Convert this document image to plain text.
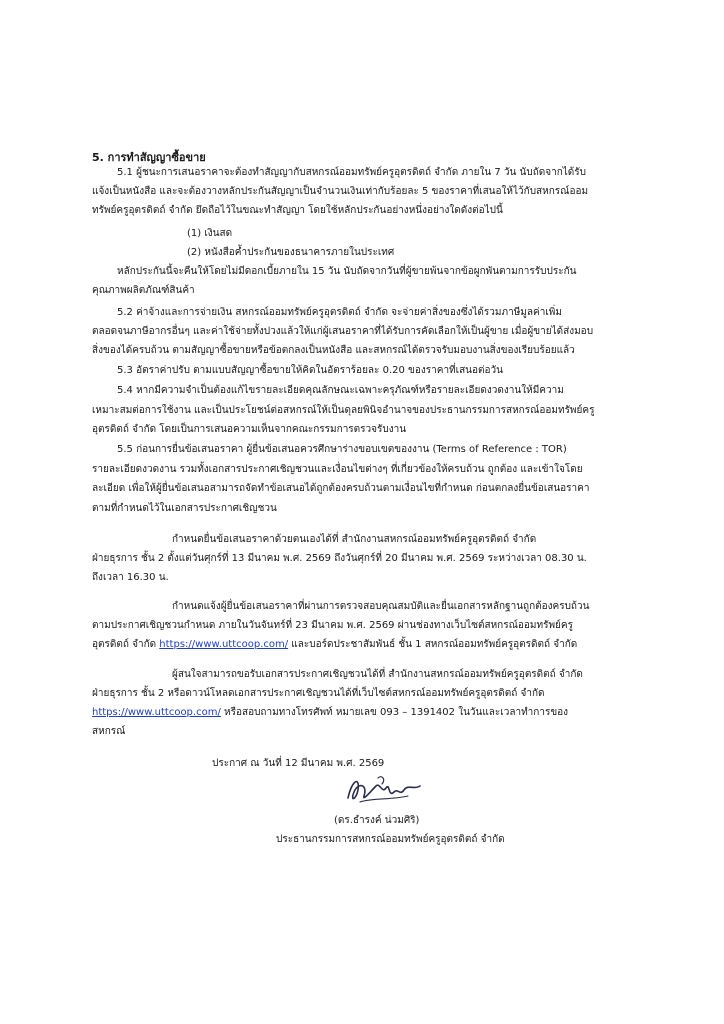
5. การทำสัญญาซื้อขาย
5.1 ผู้ชนะการเสนอราคาจะต้องทำสัญญากับสหกรณ์ออมทรัพย์ครูอุตรดิตถ์ จำกัด ภายใน 7 วัน นับถัดจากได้รับ
แจ้งเป็นหนังสือ และจะต้องวางหลักประกันสัญญาเป็นจำนวนเงินเท่ากับร้อยละ 5 ของราคาที่เสนอให้ไว้กับสหกรณ์ออม
ทรัพย์ครูอุตรดิตถ์ จำกัด ยึดถือไว้ในขณะทำสัญญา โดยใช้หลักประกันอย่างหนึ่งอย่างใดดังต่อไปนี้
(1) เงินสด
(2) หนังสือค้ำประกันของธนาคารภายในประเทศ
หลักประกันนี้จะคืนให้โดยไม่มีดอกเบี้ยภายใน 15 วัน นับถัดจากวันที่ผู้ขายพ้นจากข้อผูกพันตามการรับประกัน
คุณภาพผลิตภัณฑ์สินค้า
5.2 ค่าจ้างและการจ่ายเงิน สหกรณ์ออมทรัพย์ครูอุตรดิตถ์ จำกัด จะจ่ายค่าสิ่งของซึ่งได้รวมภาษีมูลค่าเพิ่ม
ตลอดจนภาษีอากรอื่นๆ และค่าใช้จ่ายทั้งปวงแล้วให้แก่ผู้เสนอราคาที่ได้รับการคัดเลือกให้เป็นผู้ขาย เมื่อผู้ขายได้ส่งมอบ
สิ่งของได้ครบถ้วน ตามสัญญาซื้อขายหรือข้อตกลงเป็นหนังสือ และสหกรณ์ได้ตรวจรับมอบงานสิ่งของเรียบร้อยแล้ว
5.3 อัตราค่าปรับ ตามแบบสัญญาซื้อขายให้คิดในอัตราร้อยละ 0.20 ของราคาที่เสนอต่อวัน
5.4 หากมีความจำเป็นต้องแก้ไขรายละเอียดคุณลักษณะเฉพาะครุภัณฑ์หรือรายละเอียดงวดงานให้มีความ
เหมาะสมต่อการใช้งาน และเป็นประโยชน์ต่อสหกรณ์ให้เป็นดุลยพินิจอำนาจของประธานกรรมการสหกรณ์ออมทรัพย์ครู
อุตรดิตถ์ จำกัด โดยเป็นการเสนอความเห็นจากคณะกรรมการตรวจรับงาน
5.5 ก่อนการยื่นข้อเสนอราคา ผู้ยื่นข้อเสนอควรศึกษาร่างขอบเขตของงาน (Terms of Reference : TOR)
รายละเอียดงวดงาน รวมทั้งเอกสารประกาศเชิญชวนและเงื่อนไขต่างๆ ที่เกี่ยวข้องให้ครบถ้วน ถูกต้อง และเข้าใจโดย
ละเอียด เพื่อให้ผู้ยื่นข้อเสนอสามารถจัดทำข้อเสนอได้ถูกต้องครบถ้วนตามเงื่อนไขที่กำหนด ก่อนตกลงยื่นข้อเสนอราคา
ตามที่กำหนดไว้ในเอกสารประกาศเชิญชวน
กำหนดยื่นข้อเสนอราคาด้วยตนเองได้ที่ สำนักงานสหกรณ์ออมทรัพย์ครูอุตรดิตถ์ จำกัด
ฝ่ายธุรการ ชั้น 2 ตั้งแต่วันศุกร์ที่ 13 มีนาคม พ.ศ. 2569 ถึงวันศุกร์ที่ 20 มีนาคม พ.ศ. 2569 ระหว่างเวลา 08.30 น.
ถึงเวลา 16.30 น.
กำหนดแจ้งผู้ยื่นข้อเสนอราคาที่ผ่านการตรวจสอบคุณสมบัติและยื่นเอกสารหลักฐานถูกต้องครบถ้วน
ตามประกาศเชิญชวนกำหนด ภายในวันจันทร์ที่ 23 มีนาคม พ.ศ. 2569 ผ่านช่องทางเว็บไซต์สหกรณ์ออมทรัพย์ครู
อุตรดิตถ์ จำกัด https://www.uttcoop.com/ และบอร์ดประชาสัมพันธ์ ชั้น 1 สหกรณ์ออมทรัพย์ครูอุตรดิตถ์ จำกัด
ผู้สนใจสามารถขอรับเอกสารประกาศเชิญชวนได้ที่ สำนักงานสหกรณ์ออมทรัพย์ครูอุตรดิตถ์ จำกัด
ฝ่ายธุรการ ชั้น 2 หรือดาวน์โหลดเอกสารประกาศเชิญชวนได้ที่เว็บไซต์สหกรณ์ออมทรัพย์ครูอุตรดิตถ์ จำกัด
https://www.uttcoop.com/ หรือสอบถามทางโทรศัพท์ หมายเลข 093 – 1391402 ในวันและเวลาทำการของ
สหกรณ์
ประกาศ ณ วันที่ 12 มีนาคม พ.ศ. 2569
(ดร.ธำรงค์ น่วมศิริ)
ประธานกรรมการสหกรณ์ออมทรัพย์ครูอุตรดิตถ์ จำกัด
